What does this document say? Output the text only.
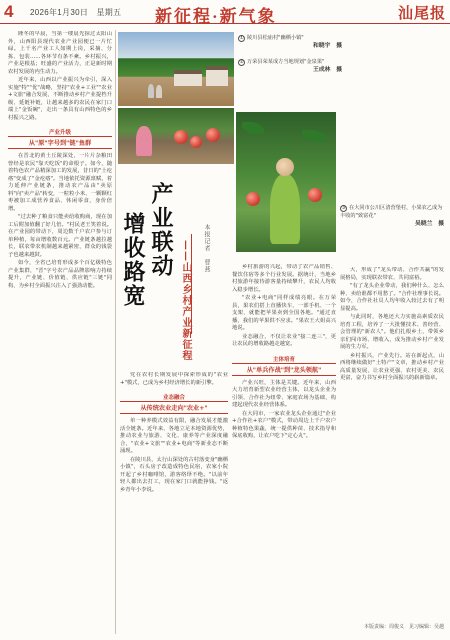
4 2026年1月30日　星期五 新征程·新气象	汕尾报

隆冬的早晨，当第一缕晨光掠过太阳山外，山西阳县现代农业产业园便已一片忙碌。上千名产业工人如期上岗，采摘、分拣、包装……各环节有条不紊。乡村振兴，产业是根基；旺盛的产业活力，正是新时期农村发展的内生动力。

近年来，山西以产业振兴为牵引，深入实施"特""优"战略，坚持"农业+工业""农业+文旅"融合发展，不断推动乡村产业提档升级、延链补链，让越来越多的农民在家门口端上"金饭碗"，走出一条具有山西特色的乡村振兴之路。

产业升级
从"原"字号到"链"鱼群

在晋北的黄土丘陵深处，一片片杂粮田曾经是农民"靠天吃饭"的命根子。如今，随着特色农产品精深加工的发展，昔日的"土疙瘩"变成了"金疙瘩"。当地依托资源禀赋，着力延伸产业链条，推动农产品由"卖原料"向"卖产品"转变，一粒粒小米、一颗颗红枣被加工成营养食品、休闲零食，身价倍增。

"过去种了粮食只能卖给收购商，现在加工后附加值翻了好几倍。"村民老王笑着说。在产业园的带动下，周边数千户农户参与订单种植，每亩增收数百元。产业链条越拉越长，联农带农机制越来越紧密，群众的钱袋子也越来越鼓。

如今，全省已培育形成多个百亿级特色产业集群，"晋"字号农产品品牌影响力持续提升，产业链、价值链、供应链"三链"同构，为乡村全面振兴注入了强劲动能。

① 陵川县松庙村"幽栖小镇"
和晓宇　摄
② 万荣县荣某成方当地规划"金泉果"
王成林　摄
③ 在大同市公川区清营堡村，小果农乙成为丰收的"致富花"
吴晓兰　摄
产业联动
增收路宽	——山西乡村产业新征程	本报记者　曹燕

党在农村长期发展中探索形成的"农业+"模式，已成为乡村经济增长的新引擎。

业态融合
从传统农业走向"农业+"

单一种养模式效益有限，融合发展才能激活全链条。近年来，各地立足本地资源优势，推动农业与旅游、文化、康养等产业深度融合，"农业+文旅""农业+电商"等新业态不断涌现。

在陵川县，太行山深处的古村落变身"幽栖小镇"，石头房子改造成特色民宿，农家小院开起了乡村咖啡馆，游客络绎不绝。"以前年轻人都出去打工，现在家门口就能挣钱。"返乡青年小李说。

乡村旅游的兴起，带动了农产品销售、餐饮住宿等多个行业发展。据统计，当地乡村旅游年接待游客量持续攀升，农民人均收入稳步增长。

"农业+电商"同样成绩亮眼。在万荣县，果农们搭上直播快车，一部手机、一个支架，就能把苹果卖到全国各地。"通过直播，我们的苹果供不应求。"果农王大姐高兴地说。

业态融合，不仅让农业"接二连三"，更让农民的增收路越走越宽。

主体培育
从"单兵作战"到"龙头领航"

产业兴旺，主体是关键。近年来，山西大力培育新型农业经营主体，以龙头企业为引领、合作社为纽带、家庭农场为基础，构建起现代农业经营体系。

在大同市，一家农业龙头企业通过"企业+合作社+农户"模式，带动周边上千户农户种植特色果蔬，统一提供种苗、技术指导和保底收购，让农户吃下"定心丸"。

大，形成了"龙头带动、合作共赢"的发展格局，实现联农带农、共同富裕。

"有了龙头企业带动，我们种什么、怎么种、卖给谁都不用愁了。"合作社理事长说。如今，合作社社员人均年收入较过去有了明显提高。

与此同时，各地还大力实施高素质农民培育工程，培养了一大批懂技术、善经营、会管理的"新农人"。他们扎根乡土，带领乡亲们闯市场、增收入，成为推动乡村产业发展的生力军。

乡村振兴，产业先行。站在新起点，山西将继续做好"土特产"文章，推动乡村产业高质量发展，让农业更强、农村更美、农民更富，奋力书写乡村全面振兴的崭新篇章。

本版责编：周俊义　见习编辑：吴越
